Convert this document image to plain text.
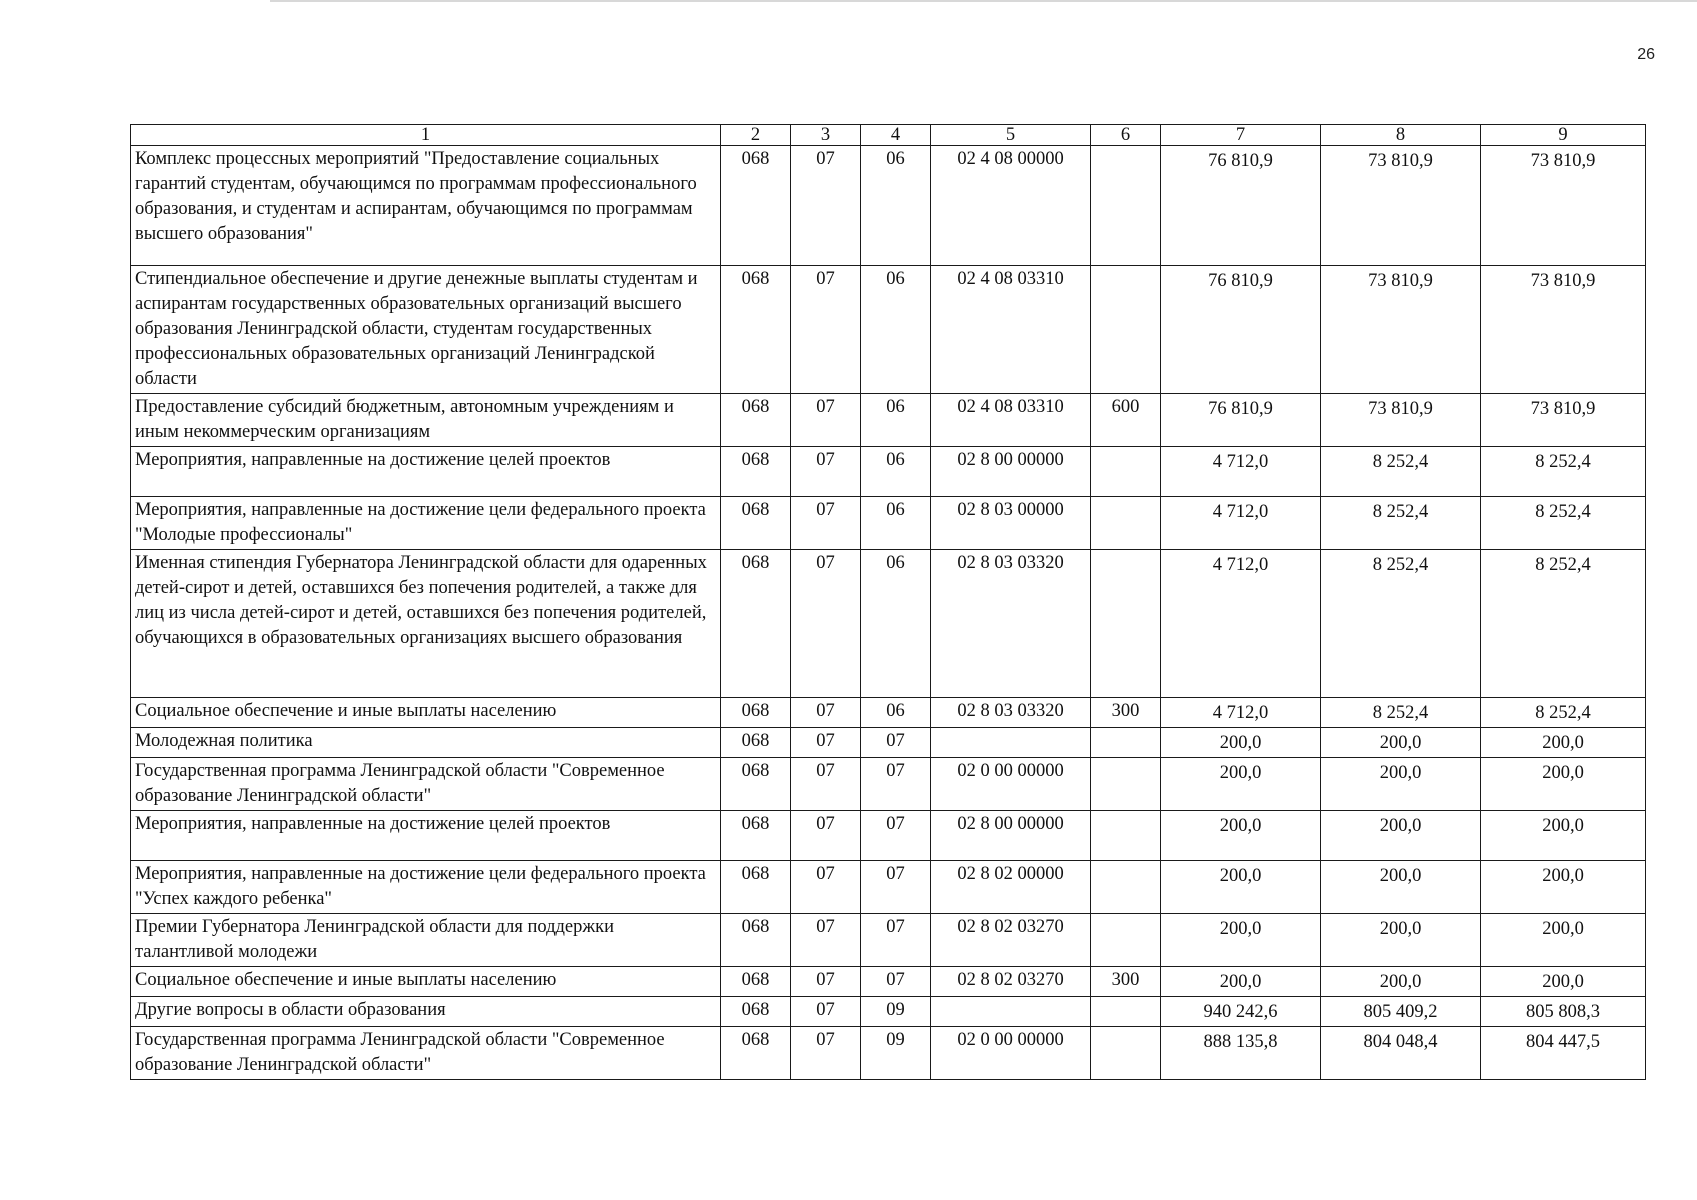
26
1	2	3	4	5	6	7	8	9
Комплекс процессных мероприятий "Предоставление социальных гарантий студентам, обучающимся по программам профессионального образования, и студентам и аспирантам, обучающимся по программам высшего образования"	068	07	06	02 4 08 00000		76 810,9	73 810,9	73 810,9
Стипендиальное обеспечение и другие денежные выплаты студентам и аспирантам государственных образовательных организаций высшего образования Ленинградской области, студентам государственных профессиональных образовательных организаций Ленинградской области	068	07	06	02 4 08 03310		76 810,9	73 810,9	73 810,9
Предоставление субсидий бюджетным, автономным учреждениям и иным некоммерческим организациям	068	07	06	02 4 08 03310	600	76 810,9	73 810,9	73 810,9
Мероприятия, направленные на достижение целей проектов	068	07	06	02 8 00 00000		4 712,0	8 252,4	8 252,4
Мероприятия, направленные на достижение цели федерального проекта "Молодые профессионалы"	068	07	06	02 8 03 00000		4 712,0	8 252,4	8 252,4
Именная стипендия Губернатора Ленинградской области для одаренных детей-сирот и детей, оставшихся без попечения родителей, а также для лиц из числа детей-сирот и детей, оставшихся без попечения родителей, обучающихся в образовательных организациях высшего образования	068	07	06	02 8 03 03320		4 712,0	8 252,4	8 252,4
Социальное обеспечение и иные выплаты населению	068	07	06	02 8 03 03320	300	4 712,0	8 252,4	8 252,4
Молодежная политика	068	07	07			200,0	200,0	200,0
Государственная программа Ленинградской области "Современное образование Ленинградской области"	068	07	07	02 0 00 00000		200,0	200,0	200,0
Мероприятия, направленные на достижение целей проектов	068	07	07	02 8 00 00000		200,0	200,0	200,0
Мероприятия, направленные на достижение цели федерального проекта "Успех каждого ребенка"	068	07	07	02 8 02 00000		200,0	200,0	200,0
Премии Губернатора Ленинградской области для поддержки талантливой молодежи	068	07	07	02 8 02 03270		200,0	200,0	200,0
Социальное обеспечение и иные выплаты населению	068	07	07	02 8 02 03270	300	200,0	200,0	200,0
Другие вопросы в области образования	068	07	09			940 242,6	805 409,2	805 808,3
Государственная программа Ленинградской области "Современное образование Ленинградской области"	068	07	09	02 0 00 00000		888 135,8	804 048,4	804 447,5
